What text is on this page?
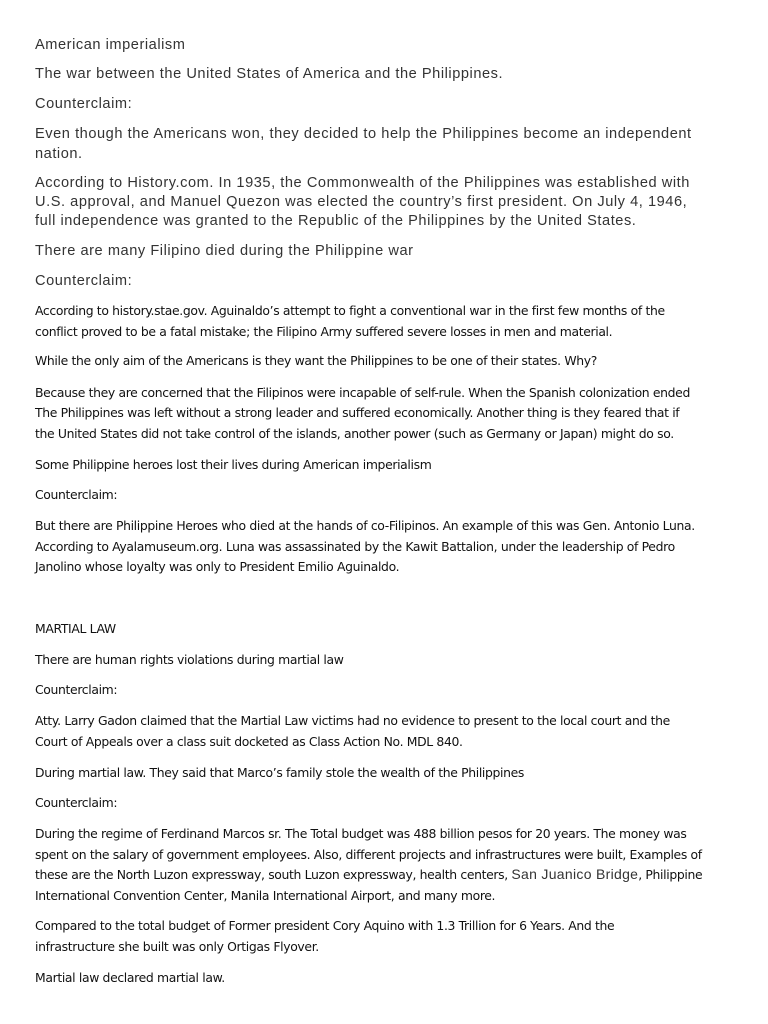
American imperialism
The war between the United States of America and the Philippines.
Counterclaim:
Even though the Americans won, they decided to help the Philippines become an independent
nation.
According to History.com. In 1935, the Commonwealth of the Philippines was established with
U.S. approval, and Manuel Quezon was elected the country’s first president. On July 4, 1946,
full independence was granted to the Republic of the Philippines by the United States.
There are many Filipino died during the Philippine war
Counterclaim:
According to history.stae.gov. Aguinaldo’s attempt to fight a conventional war in the first few months of the
conflict proved to be a fatal mistake; the Filipino Army suffered severe losses in men and material.
While the only aim of the Americans is they want the Philippines to be one of their states. Why?
Because they are concerned that the Filipinos were incapable of self-rule. When the Spanish colonization ended
The Philippines was left without a strong leader and suffered economically. Another thing is they feared that if
the United States did not take control of the islands, another power (such as Germany or Japan) might do so.
Some Philippine heroes lost their lives during American imperialism
Counterclaim:
But there are Philippine Heroes who died at the hands of co-Filipinos. An example of this was Gen. Antonio Luna.
According to Ayalamuseum.org. Luna was assassinated by the Kawit Battalion, under the leadership of Pedro
Janolino whose loyalty was only to President Emilio Aguinaldo.
MARTIAL LAW
There are human rights violations during martial law
Counterclaim:
Atty. Larry Gadon claimed that the Martial Law victims had no evidence to present to the local court and the
Court of Appeals over a class suit docketed as Class Action No. MDL 840.
During martial law. They said that Marco’s family stole the wealth of the Philippines
Counterclaim:
During the regime of Ferdinand Marcos sr. The Total budget was 488 billion pesos for 20 years. The money was
spent on the salary of government employees. Also, different projects and infrastructures were built, Examples of
these are the North Luzon expressway, south Luzon expressway, health centers, San Juanico Bridge, Philippine
International Convention Center, Manila International Airport, and many more.
Compared to the total budget of Former president Cory Aquino with 1.3 Trillion for 6 Years. And the
infrastructure she built was only Ortigas Flyover.
Martial law declared martial law.
